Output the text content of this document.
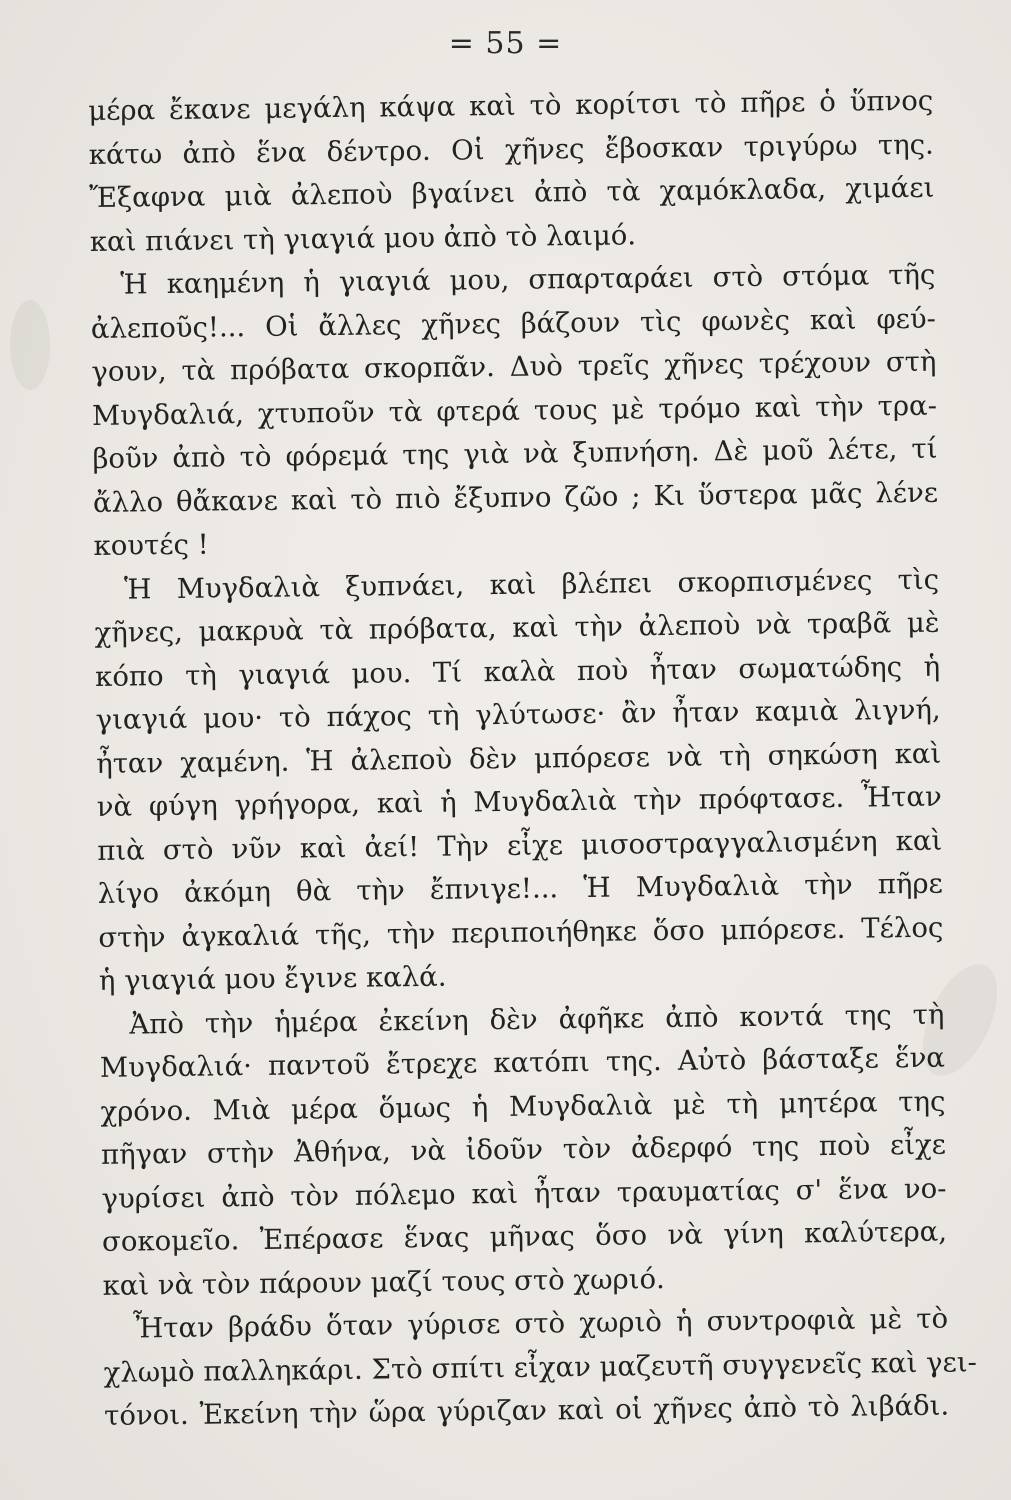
= 55 =
μέρα ἔκανε μεγάλη κάψα καὶ τὸ κορίτσι τὸ πῆρε ὁ ὕπνος
κάτω ἀπὸ ἕνα δέντρο. Οἱ χῆνες ἔβοσκαν τριγύρω της.
Ἔξαφνα μιὰ ἀλεποὺ βγαίνει ἀπὸ τὰ χαμόκλαδα, χιμάει
καὶ πιάνει τὴ γιαγιά μου ἀπὸ τὸ λαιμό.
Ἡ καημένη ἡ γιαγιά μου, σπαρταράει στὸ στόμα τῆς
ἀλεποῦς!... Οἱ ἄλλες χῆνες βάζουν τὶς φωνὲς καὶ φεύ-
γουν, τὰ πρόβατα σκορπᾶν. Δυὸ τρεῖς χῆνες τρέχουν στὴ
Μυγδαλιά, χτυποῦν τὰ φτερά τους μὲ τρόμο καὶ τὴν τρα-
βοῦν ἀπὸ τὸ φόρεμά της γιὰ νὰ ξυπνήση. Δὲ μοῦ λέτε, τί
ἄλλο θἄκανε καὶ τὸ πιὸ ἔξυπνο ζῶο ; Κι ὕστερα μᾶς λένε
κουτές !
Ἡ Μυγδαλιὰ ξυπνάει, καὶ βλέπει σκορπισμένες τὶς
χῆνες, μακρυὰ τὰ πρόβατα, καὶ τὴν ἀλεποὺ νὰ τραβᾶ μὲ
κόπο τὴ γιαγιά μου. Τί καλὰ ποὺ ἦταν σωματώδης ἡ
γιαγιά μου· τὸ πάχος τὴ γλύτωσε· ἂν ἦταν καμιὰ λιγνή,
ἦταν χαμένη. Ἡ ἀλεποὺ δὲν μπόρεσε νὰ τὴ σηκώση καὶ
νὰ φύγη γρήγορα, καὶ ἡ Μυγδαλιὰ τὴν πρόφτασε. Ἦταν
πιὰ στὸ νῦν καὶ ἀεί! Τὴν εἶχε μισοστραγγαλισμένη καὶ
λίγο ἀκόμη θὰ τὴν ἔπνιγε!... Ἡ Μυγδαλιὰ τὴν πῆρε
στὴν ἀγκαλιά τῆς, τὴν περιποιήθηκε ὅσο μπόρεσε. Τέλος
ἡ γιαγιά μου ἔγινε καλά.
Ἀπὸ τὴν ἡμέρα ἐκείνη δὲν ἀφῆκε ἀπὸ κοντά της τὴ
Μυγδαλιά· παντοῦ ἔτρεχε κατόπι της. Αὐτὸ βάσταξε ἕνα
χρόνο. Μιὰ μέρα ὅμως ἡ Μυγδαλιὰ μὲ τὴ μητέρα της
πῆγαν στὴν Ἀθήνα, νὰ ἰδοῦν τὸν ἀδερφό της ποὺ εἶχε
γυρίσει ἀπὸ τὸν πόλεμο καὶ ἦταν τραυματίας σ' ἕνα νο-
σοκομεῖο. Ἐπέρασε ἕνας μῆνας ὅσο νὰ γίνη καλύτερα,
καὶ νὰ τὸν πάρουν μαζί τους στὸ χωριό.
Ἦταν βράδυ ὅταν γύρισε στὸ χωριὸ ἡ συντροφιὰ μὲ τὸ
χλωμὸ παλληκάρι. Στὸ σπίτι εἶχαν μαζευτῆ συγγενεῖς καὶ γει-
τόνοι. Ἐκείνη τὴν ὥρα γύριζαν καὶ οἱ χῆνες ἀπὸ τὸ λιβάδι.
